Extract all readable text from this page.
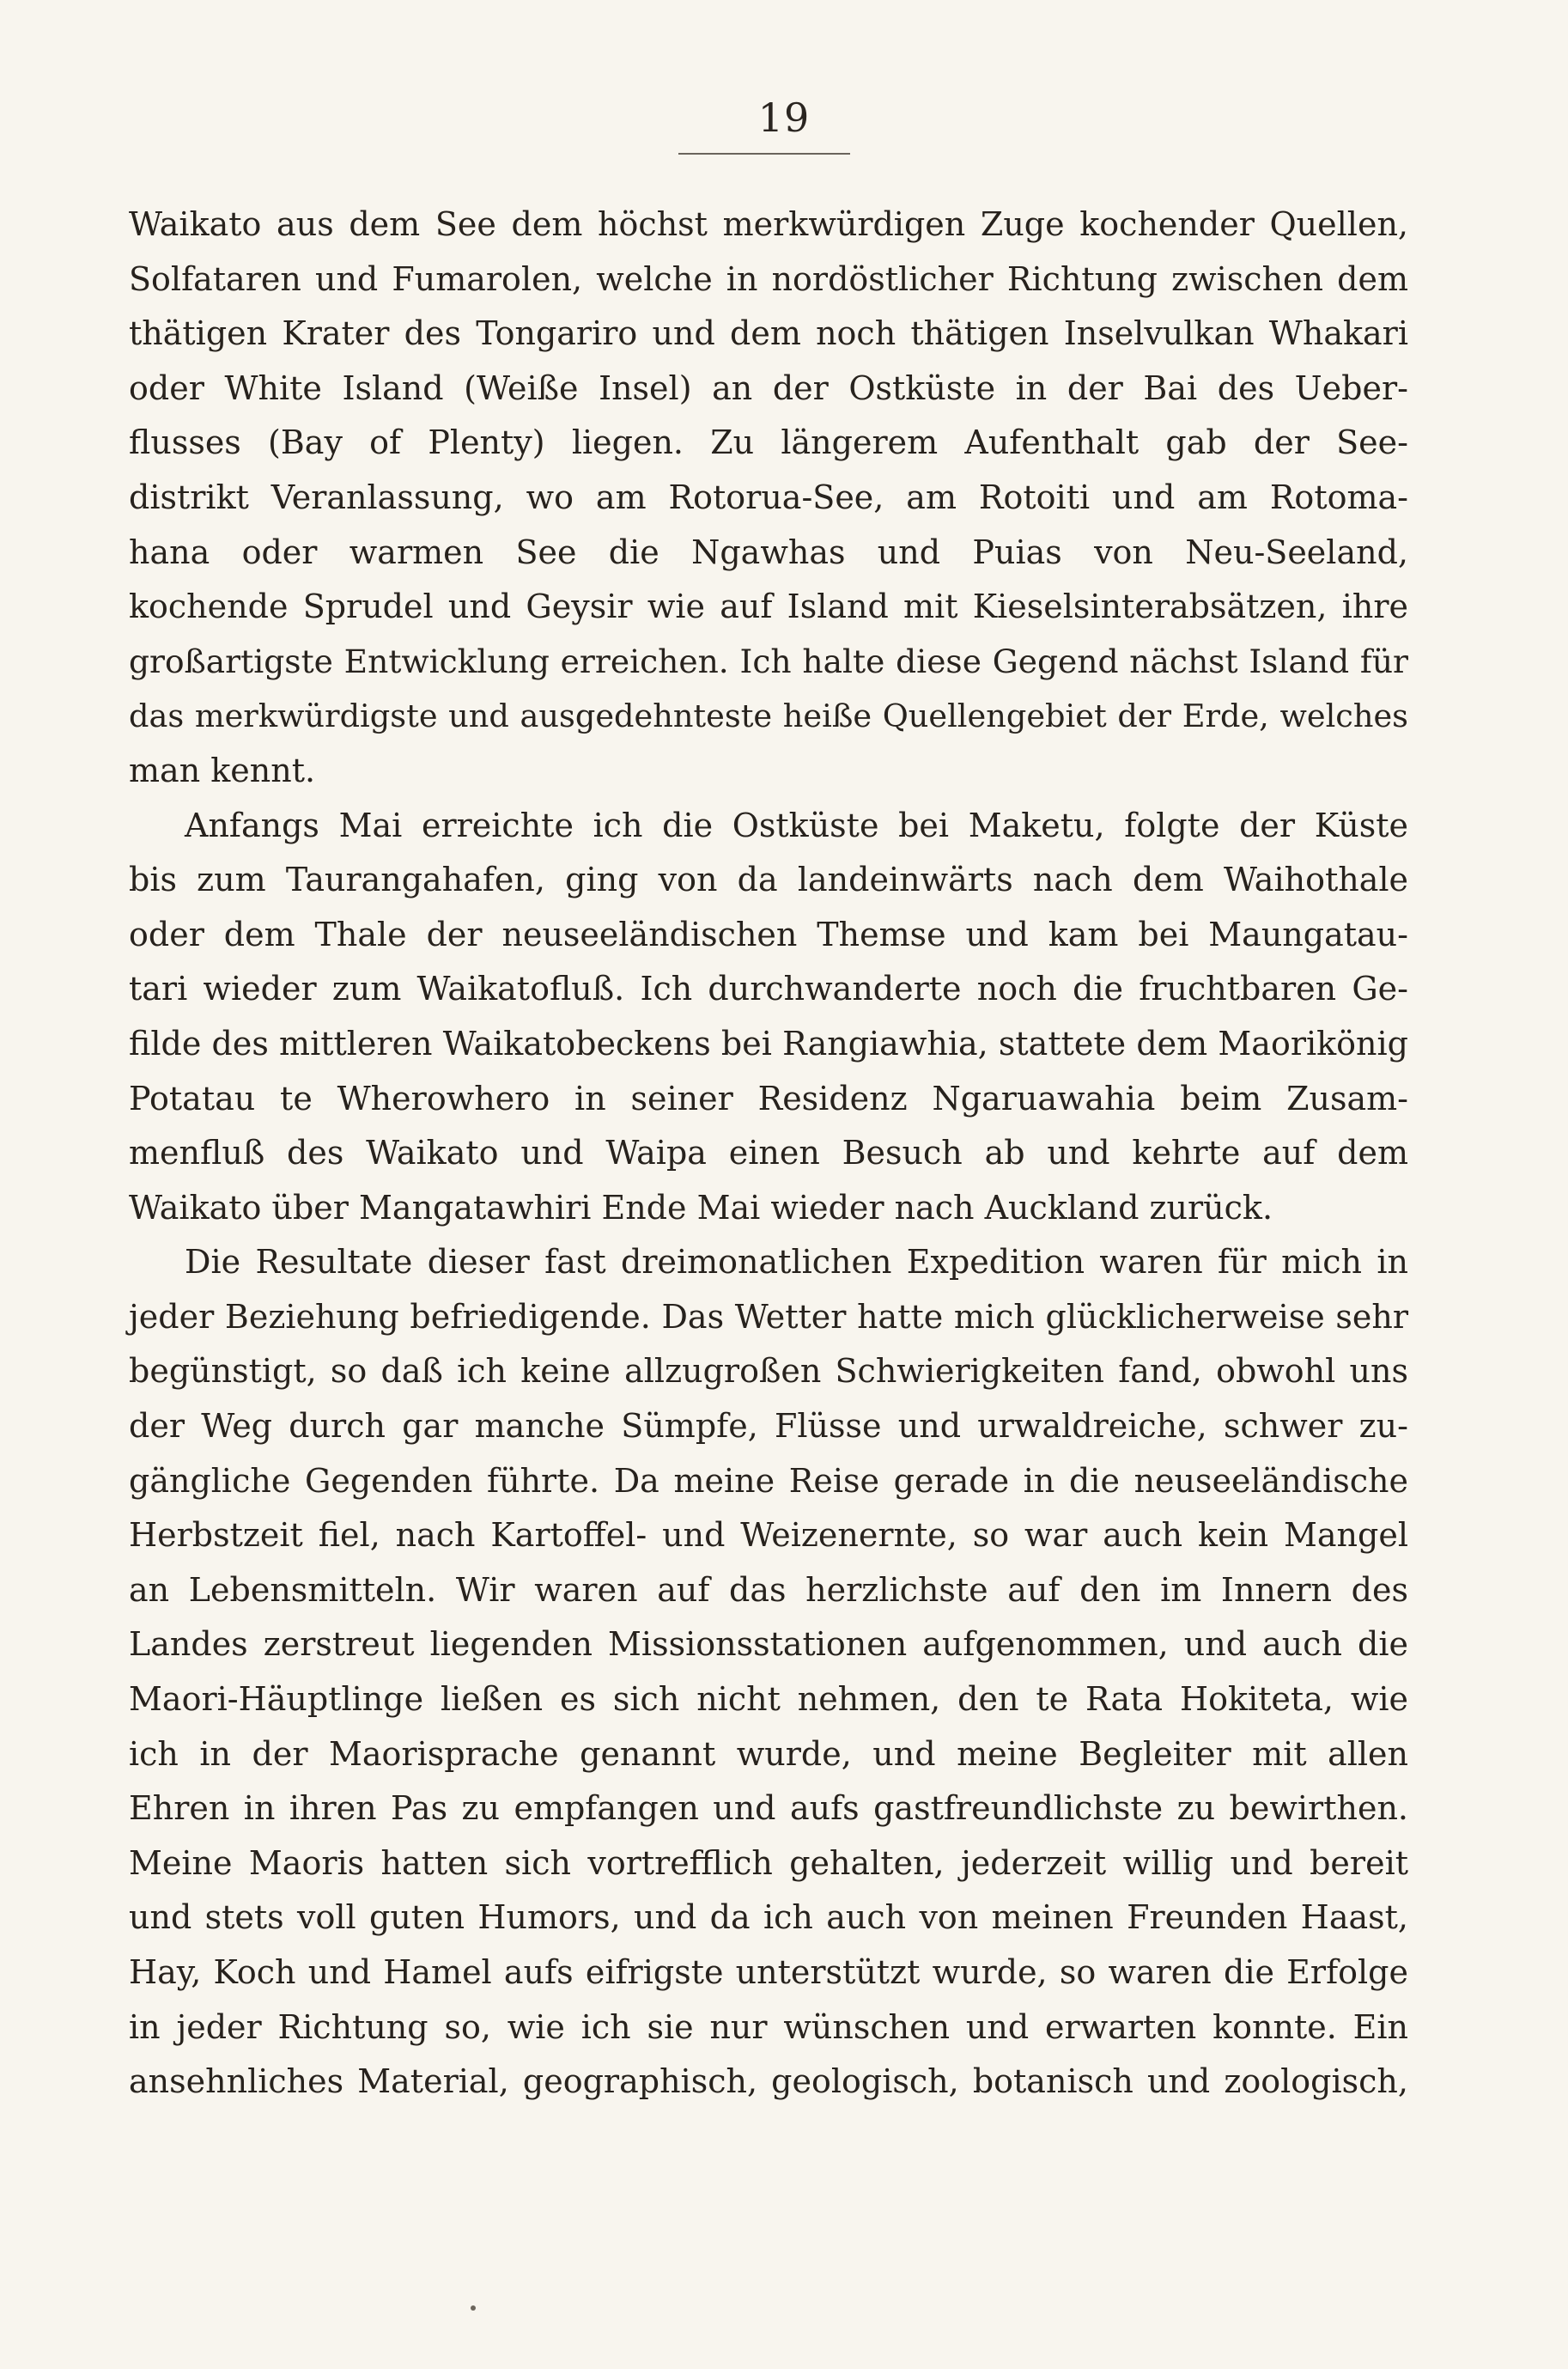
19
Waikato aus dem See dem höchst merkwürdigen Zuge kochender Quellen,
Solfataren und Fumarolen, welche in nordöstlicher Richtung zwischen dem
thätigen Krater des Tongariro und dem noch thätigen Inselvulkan Whakari
oder White Island (Weiße Insel) an der Ostküste in der Bai des Ueber-
flusses (Bay of Plenty) liegen. Zu längerem Aufenthalt gab der See-
distrikt Veranlassung, wo am Rotorua-See, am Rotoiti und am Rotoma-
hana oder warmen See die Ngawhas und Puias von Neu-Seeland,
kochende Sprudel und Geysir wie auf Island mit Kieselsinterabsätzen, ihre
großartigste Entwicklung erreichen. Ich halte diese Gegend nächst Island für
das merkwürdigste und ausgedehnteste heiße Quellengebiet der Erde, welches
man kennt.
Anfangs Mai erreichte ich die Ostküste bei Maketu, folgte der Küste
bis zum Taurangahafen, ging von da landeinwärts nach dem Waihothale
oder dem Thale der neuseeländischen Themse und kam bei Maungatau-
tari wieder zum Waikatofluß. Ich durchwanderte noch die fruchtbaren Ge-
filde des mittleren Waikatobeckens bei Rangiawhia, stattete dem Maorikönig
Potatau te Wherowhero in seiner Residenz Ngaruawahia beim Zusam-
menfluß des Waikato und Waipa einen Besuch ab und kehrte auf dem
Waikato über Mangatawhiri Ende Mai wieder nach Auckland zurück.
Die Resultate dieser fast dreimonatlichen Expedition waren für mich in
jeder Beziehung befriedigende. Das Wetter hatte mich glücklicherweise sehr
begünstigt, so daß ich keine allzugroßen Schwierigkeiten fand, obwohl uns
der Weg durch gar manche Sümpfe, Flüsse und urwaldreiche, schwer zu-
gängliche Gegenden führte. Da meine Reise gerade in die neuseeländische
Herbstzeit fiel, nach Kartoffel- und Weizenernte, so war auch kein Mangel
an Lebensmitteln. Wir waren auf das herzlichste auf den im Innern des
Landes zerstreut liegenden Missionsstationen aufgenommen, und auch die
Maori-Häuptlinge ließen es sich nicht nehmen, den te Rata Hokiteta, wie
ich in der Maorisprache genannt wurde, und meine Begleiter mit allen
Ehren in ihren Pas zu empfangen und aufs gastfreundlichste zu bewirthen.
Meine Maoris hatten sich vortrefflich gehalten, jederzeit willig und bereit
und stets voll guten Humors, und da ich auch von meinen Freunden Haast,
Hay, Koch und Hamel aufs eifrigste unterstützt wurde, so waren die Erfolge
in jeder Richtung so, wie ich sie nur wünschen und erwarten konnte. Ein
ansehnliches Material, geographisch, geologisch, botanisch und zoologisch,
